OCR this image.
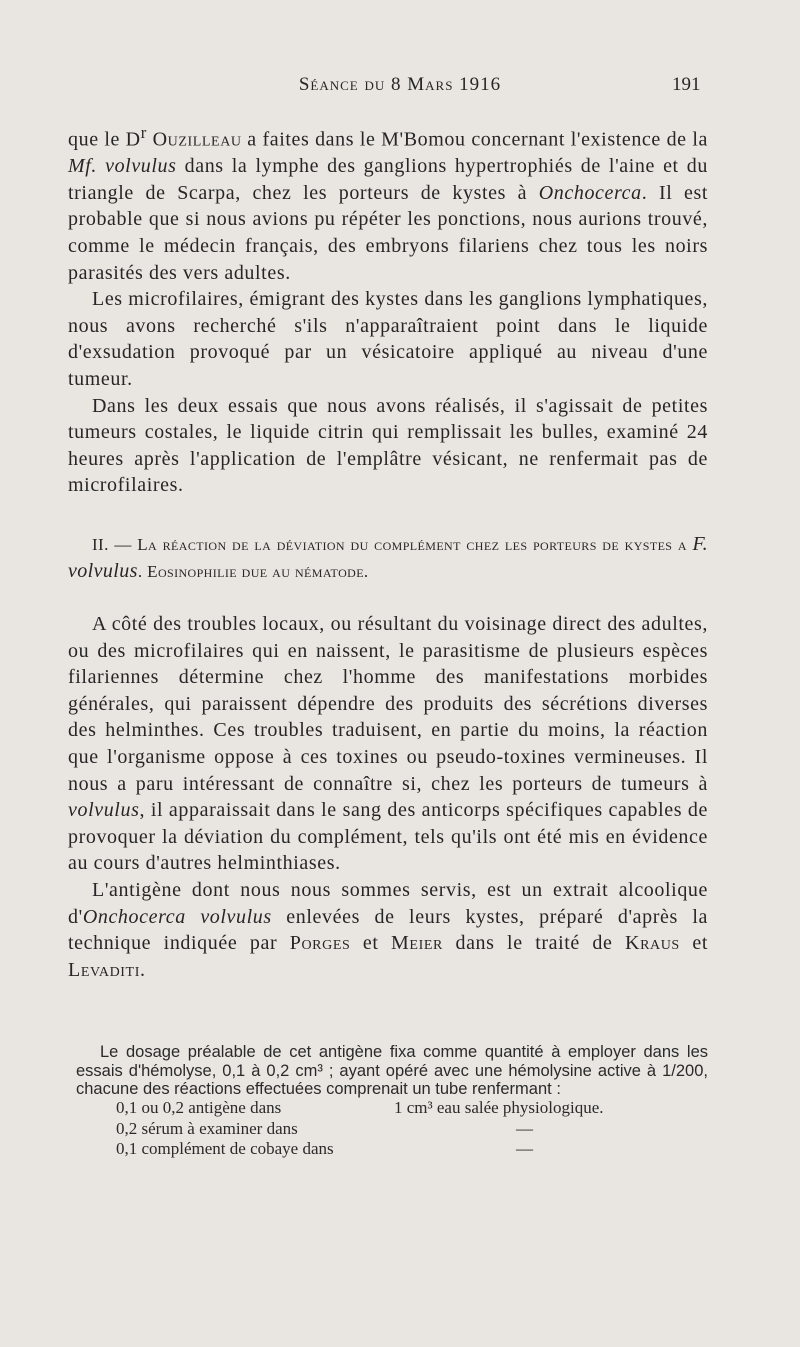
Séance du 8 Mars 1916	191

que le $D^r$ Ouzilleau a faites dans le M'Bomou concernant l'existence de la Mf. volvulus dans la lymphe des ganglions hypertrophiés de l'aine et du triangle de Scarpa, chez les porteurs de kystes à Onchocerca. Il est probable que si nous avions pu répéter les ponctions, nous aurions trouvé, comme le médecin français, des embryons filariens chez tous les noirs parasités des vers adultes.

Les microfilaires, émigrant des kystes dans les ganglions lymphatiques, nous avons recherché s'ils n'apparaîtraient point dans le liquide d'exsudation provoqué par un vésicatoire appliqué au niveau d'une tumeur.

Dans les deux essais que nous avons réalisés, il s'agissait de petites tumeurs costales, le liquide citrin qui remplissait les bulles, examiné 24 heures après l'application de l'emplâtre vésicant, ne renfermait pas de microfilaires.

II. — La réaction de la déviation du complément chez les porteurs de kystes a F. volvulus. Eosinophilie due au nématode.

A côté des troubles locaux, ou résultant du voisinage direct des adultes, ou des microfilaires qui en naissent, le parasitisme de plusieurs espèces filariennes détermine chez l'homme des manifestations morbides générales, qui paraissent dépendre des produits des sécrétions diverses des helminthes. Ces troubles traduisent, en partie du moins, la réaction que l'organisme oppose à ces toxines ou pseudo-toxines vermineuses. Il nous a paru intéressant de connaître si, chez les porteurs de tumeurs à volvulus, il apparaissait dans le sang des anticorps spécifiques capables de provoquer la déviation du complément, tels qu'ils ont été mis en évidence au cours d'autres helminthiases.

L'antigène dont nous nous sommes servis, est un extrait alcoolique d'Onchocerca volvulus enlevées de leurs kystes, préparé d'après la technique indiquée par Porges et Meier dans le traité de Kraus et Levaditi.

Le dosage préalable de cet antigène fixa comme quantité à employer dans les essais d'hémolyse, 0,1 à 0,2 cm³ ; ayant opéré avec une hémolysine active à 1/200, chacune des réactions effectuées comprenait un tube renfermant :

0,1 ou 0,2 antigène dans	1 cm³ eau salée physiologique.
0,2 sérum à examiner dans	—
0,1 complément de cobaye dans	—
